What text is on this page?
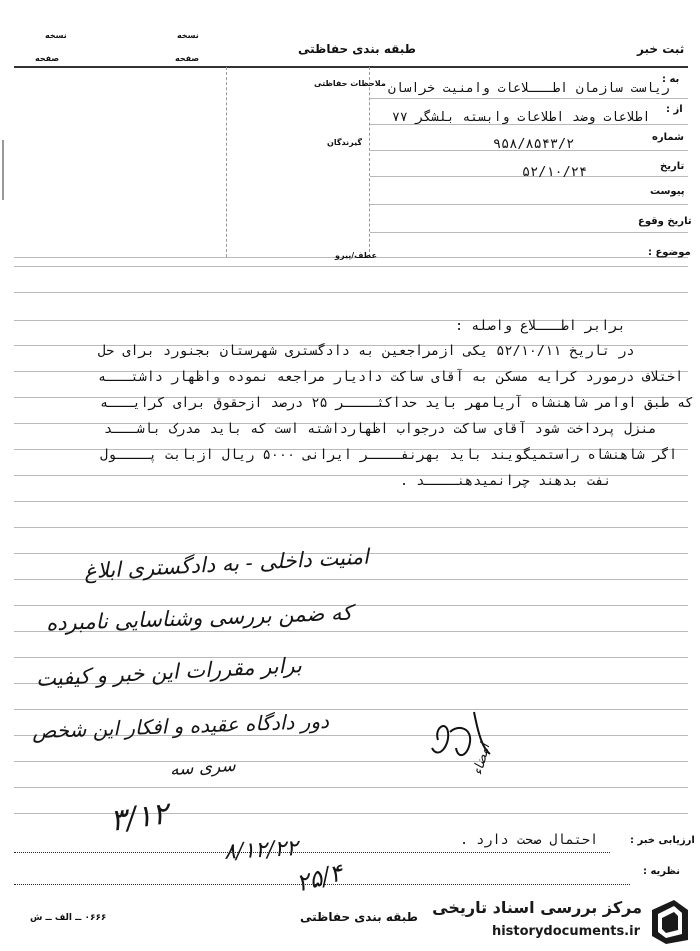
نسخه
صفحه
نسخه
صفحه
طبقه بندی حفاظتی	ثبت خبر
ملاحظات حفاظتی
گیرندگان
به :
ریاست سازمان اطـــلاعات وامنیت خراسان
از :
اطلاعات وضد اطلاعات وابسته بلشگر ۷۷
شماره
۹۵۸/۸۵۴۳/۲
تاریخ
۵۲/۱۰/۲۴
پیوست
تاریخ وقوع
موضوع :
عطف/پیرو
برابر اطـــلاع واصله :
در تاریخ ۵۲/۱۰/۱۱ یکی ازمراجعین به دادگستری شهرستان بجنورد برای حل
اختلاف درمورد کرایه مسکن به آقای ساکت دادیار مراجعه نموده واظهار داشتـــه
که طبق اوامر شاهنشاه آریامهر باید حداکثــــر ۲۵ درصد ازحقوق برای کرایـــه
منزل پرداخت شود آقای ساکت درجواب اظهارداشته است که باید مدرک باشـــد
اگر شاهنشاه راستمیگویند باید بهرنفــــر ایرانی ۵۰۰۰ ریال ازبابت پــــول
نفت بدهند چرانمیدهنــــد .
امنیت داخلی - به دادگستری ابلاغ
که ضمن بررسی وشناسایی نامبرده
برابر مقررات این خبر و کیفیت
دور دادگاه عقیده و افکار این شخص
سری سه
۳/۱۲
امضاء
ارزیابی خبر :
احتمال صحت دارد .
۸/۱۲/۲۲
نظریه :
۲۵/۴
۰۶۶۶ ــ الف ــ ش	طبقه بندی حفاظتی مرکز بررسی اسناد تاریخی
historydocuments.ir
